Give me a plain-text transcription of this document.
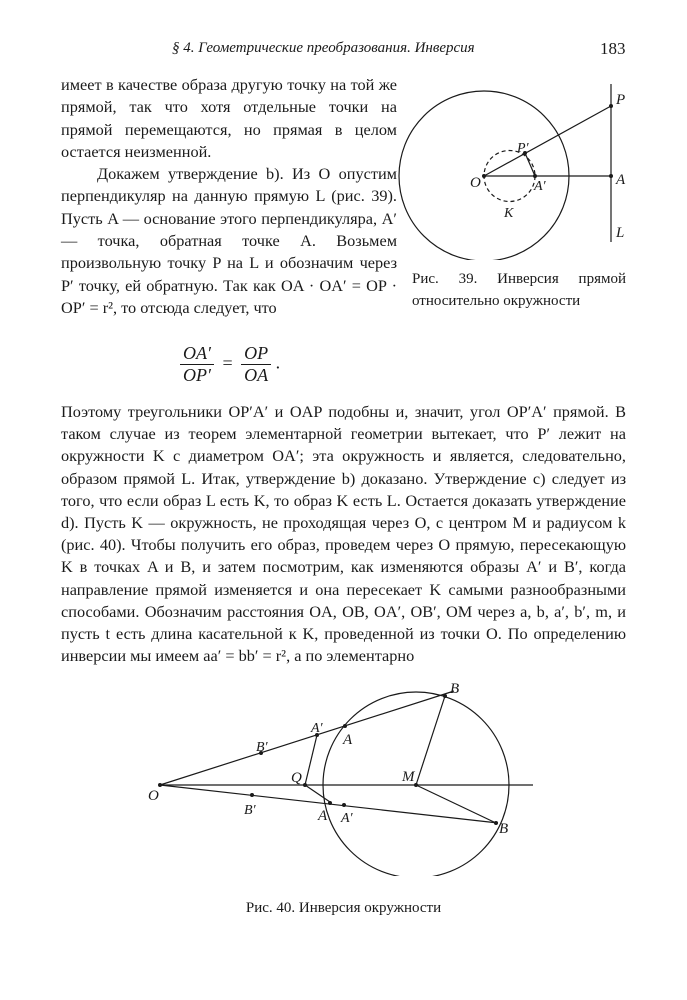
§ 4. Геометрические преобразования. Инверсия	183

имеет в качестве образа другую точку на той же прямой, так что хотя отдельные точки на прямой перемещаются, но прямая в целом остается неизменной.

Докажем утверждение b). Из O опустим перпендикуляр на данную прямую L (рис. 39). Пусть A — основание этого перпендикуляра, A′ — точка, обратная точке A. Возьмем произвольную точку P на L и обозначим через P′ точку, ей обратную. Так как OA · OA′ = OP · OP′ = r², то отсюда следует, что

$\frac{OA'}{OP'} = \frac{OP}{OA}$ .

Поэтому треугольники OP′A′ и OAP подобны и, значит, угол OP′A′ прямой. В таком случае из теорем элементарной геометрии вытекает, что P′ лежит на окружности K с диаметром OA′; эта окружность и является, следовательно, образом прямой L. Итак, утверждение b) доказано. Утверждение c) следует из того, что если образ L есть K, то образ K есть L. Остается доказать утверждение d). Пусть K — окружность, не проходящая через O, с центром M и радиусом k (рис. 40). Чтобы получить его образ, проведем через O прямую, пересекающую K в точках A и B, и затем посмотрим, как изменяются образы A′ и B′, когда направление прямой изменяется и она пересекает K самыми разнообразными способами. Обозначим расстояния OA, OB, OA′, OB′, OM через a, b, a′, b′, m, и пусть t есть длина касательной к K, проведенной из точки O. По определению инверсии мы имеем aa′ = bb′ = r², а по элементарно

P
P′
O	A′	A
K
L
Рис. 39. Инверсия прямой относительно окружности
O
B′
A′
A
B
Q	M
B′	A A′
B
Рис. 40. Инверсия окружности
